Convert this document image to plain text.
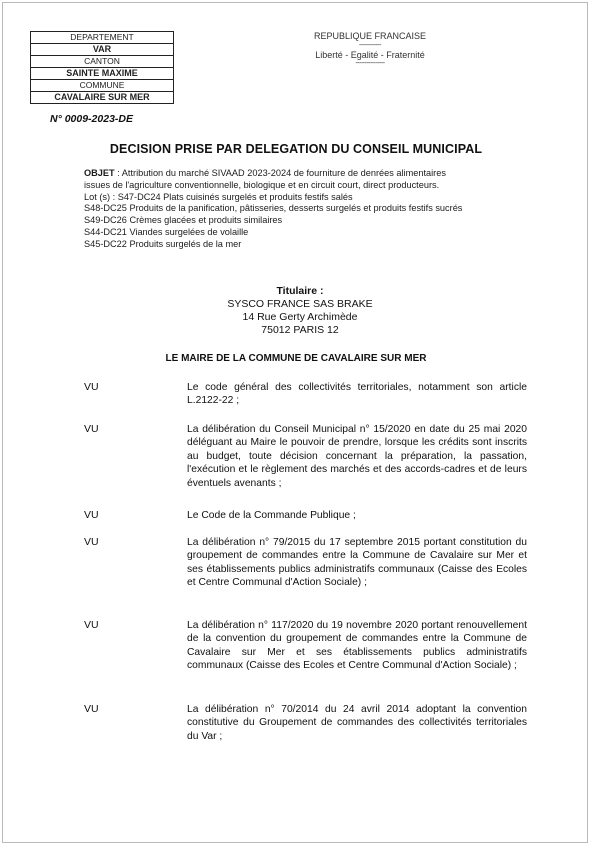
DEPARTEMENT
VAR
CANTON
SAINTE MAXIME
COMMUNE
CAVALAIRE SUR MER
REPUBLIQUE FRANCAISE
------------
Liberté - Egalité - Fraternité
----------------
N° 0009-2023-DE
DECISION PRISE PAR DELEGATION DU CONSEIL MUNICIPAL
OBJET : Attribution du marché SIVAAD 2023-2024 de fourniture de denrées alimentaires
issues de l'agriculture conventionnelle, biologique et en circuit court, direct producteurs.
Lot (s) : S47-DC24 Plats cuisinés surgelés et produits festifs salés
S48-DC25 Produits de la panification, pâtisseries, desserts surgelés et produits festifs sucrés
S49-DC26 Crèmes glacées et produits similaires
S44-DC21 Viandes surgelées de volaille
S45-DC22 Produits surgelés de la mer
Titulaire :
SYSCO FRANCE SAS BRAKE
14 Rue Gerty Archimède
75012 PARIS 12
LE MAIRE DE LA COMMUNE DE CAVALAIRE SUR MER
VU	Le code général des collectivités territoriales, notamment son article L.2122-22 ;
VU	La délibération du Conseil Municipal n° 15/2020 en date du 25 mai 2020 déléguant au Maire le pouvoir de prendre, lorsque les crédits sont inscrits au budget, toute décision concernant la préparation, la passation, l'exécution et le règlement des marchés et des accords-cadres et de leurs éventuels avenants ;
VU	Le Code de la Commande Publique ;
VU	La délibération n° 79/2015 du 17 septembre 2015 portant constitution du groupement de commandes entre la Commune de Cavalaire sur Mer et ses établissements publics administratifs communaux (Caisse des Ecoles et Centre Communal d'Action Sociale) ;
VU	La délibération n° 117/2020 du 19 novembre 2020 portant renouvellement de la convention du groupement de commandes entre la Commune de Cavalaire sur Mer et ses établissements publics administratifs communaux (Caisse des Ecoles et Centre Communal d'Action Sociale) ;
VU	La délibération n° 70/2014 du 24 avril 2014 adoptant la convention constitutive du Groupement de commandes des collectivités territoriales du Var ;
